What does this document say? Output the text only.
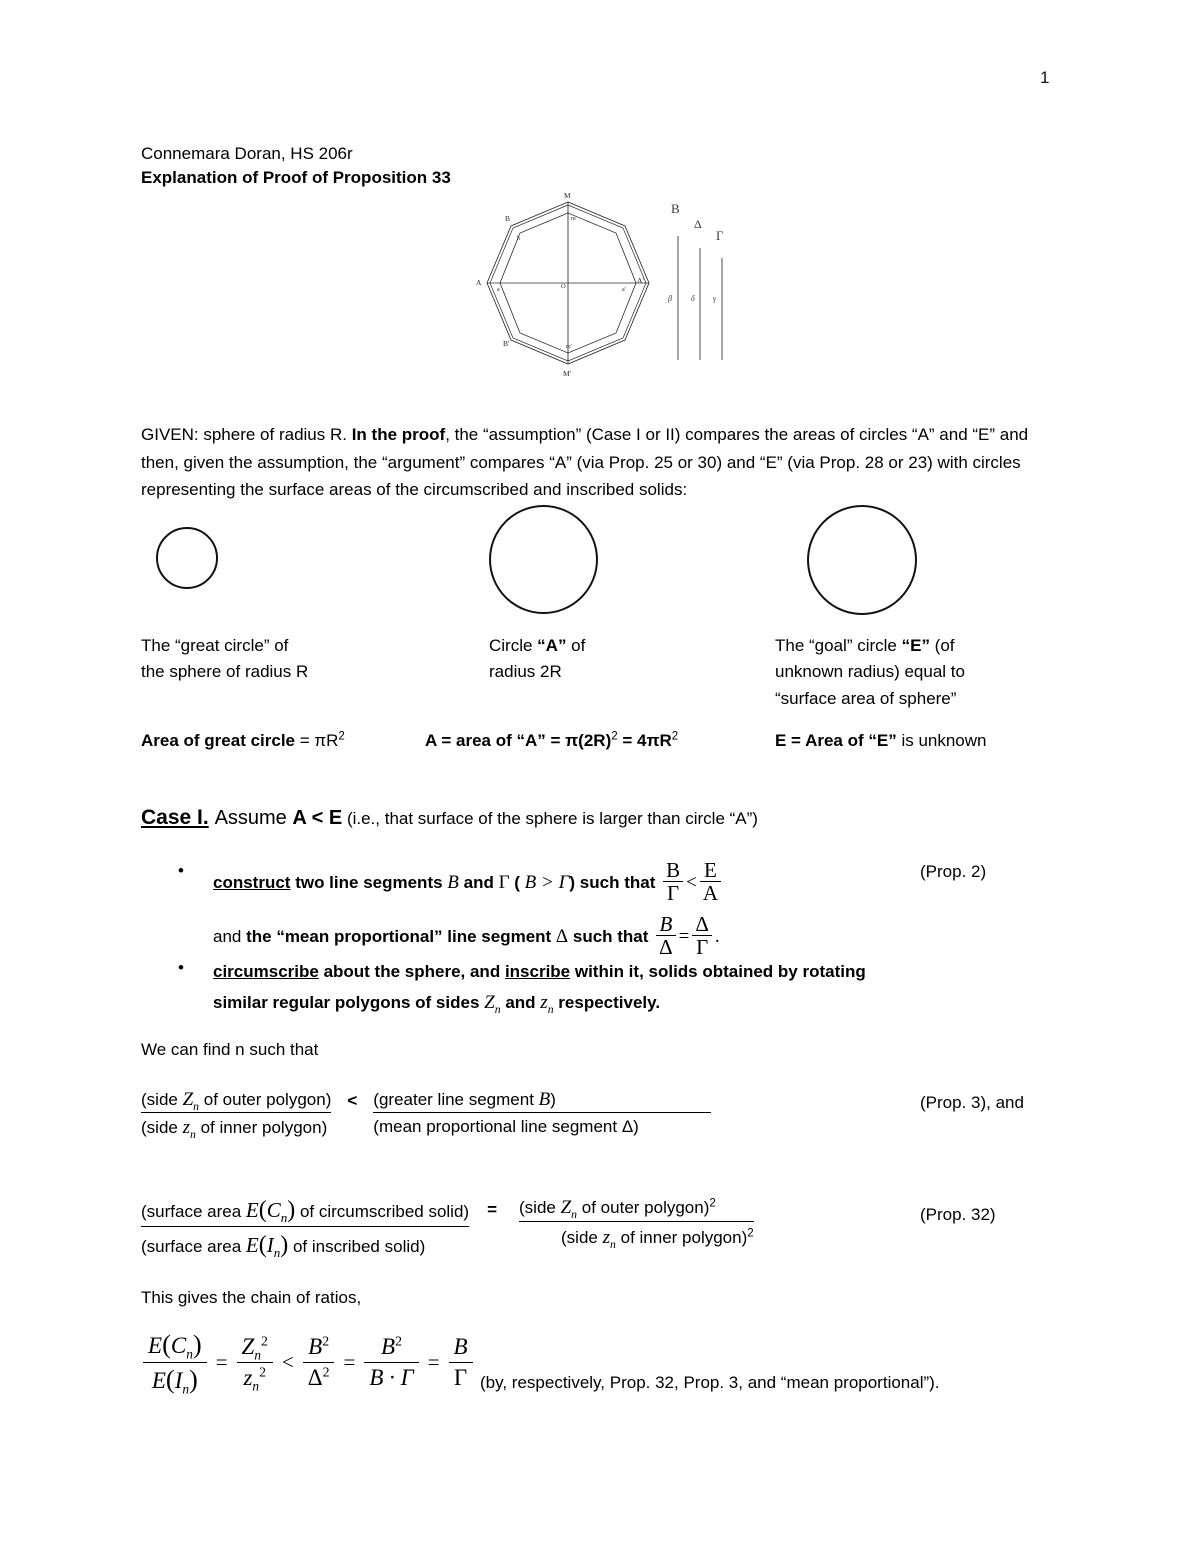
1
Connemara Doran, HS 206r
Explanation of Proof of Proposition 33
M
m
B
b
A
a	O
A'
a'
B'	m'
M'
B
Δ
Γ
β δ γ
GIVEN: sphere of radius R. In the proof, the “assumption” (Case I or II) compares the areas of circles “A” and “E” and then, given the assumption, the “argument” compares “A” (via Prop. 25 or 30) and “E” (via Prop. 28 or 23) with circles representing the surface areas of the circumscribed and inscribed solids:
The “great circle” of
the sphere of radius R
Circle “A” of
radius 2R
The “goal” circle “E” (of
unknown radius) equal to
“surface area of sphere”
Area of great circle = $\pi R^2$	A = area of “A” = $\pi(2R)^2 = 4\pi R^2$	E = Area of “E” is unknown
Case I. Assume A < E (i.e., that surface of the sphere is larger than circle “A”)
•
•
construct two line segments B and Γ ( B > Γ) such that $\frac{B}{\Gamma} < \frac{E}{A}$	(Prop. 2)
and the “mean proportional” line segment Δ such that $\frac{B}{\Delta} = \frac{\Delta}{\Gamma}$ .
circumscribe about the sphere, and inscribe within it, solids obtained by rotating
similar regular polygons of sides $Z_n$ and $z_n$ respectively.
We can find n such that
$\frac{(side Z_n of outer polygon)}{(side z_n of inner polygon)} < \frac{\text{(greater line segment B)}}{\text{(mean proportional line segment Δ)}}$	(Prop. 3), and
$\frac{(surface area E(C_n) of circumscribed solid)}{(surface area E(I_n) of inscribed solid)} = \frac{(side Z_n of outer polygon)^2}{(side z_n of inner polygon)^2}$	(Prop. 32)
This gives the chain of ratios,
$\frac{E(C_n)}{E(I_n)} = \frac{Z_n^2}{z_n^2} < \frac{B^2}{\Delta^2} = \frac{B^2}{B \cdot \Gamma} = \frac{B}{\Gamma} (by$, respectively, Prop. 32, Prop. 3, and “mean proportional”).
